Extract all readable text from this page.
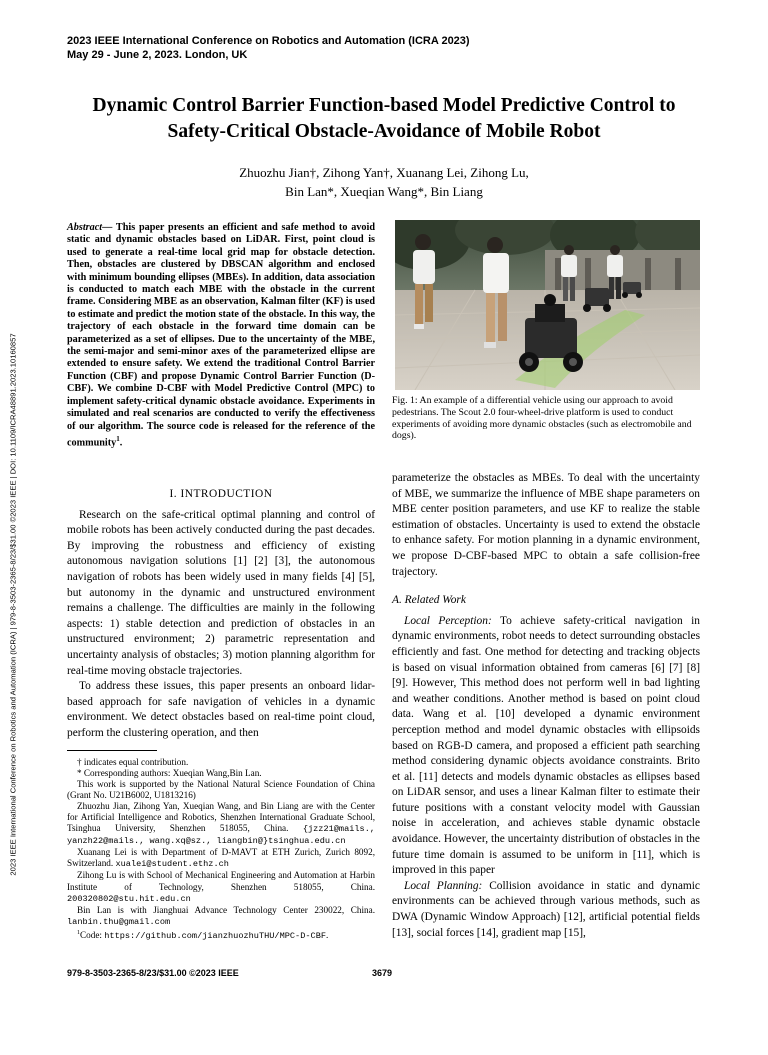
2023 IEEE International Conference on Robotics and Automation (ICRA 2023)
May 29 - June 2, 2023. London, UK
Dynamic Control Barrier Function-based Model Predictive Control to
Safety-Critical Obstacle-Avoidance of Mobile Robot
Zhuozhu Jian†, Zihong Yan†, Xuanang Lei, Zihong Lu,
Bin Lan*, Xueqian Wang*, Bin Liang
2023 IEEE International Conference on Robotics and Automation (ICRA) | 979-8-3503-2365-8/23/$31.00 ©2023 IEEE | DOI: 10.1109/ICRA48891.2023.10160857
Abstract— This paper presents an efficient and safe method to avoid static and dynamic obstacles based on LiDAR. First, point cloud is used to generate a real-time local grid map for obstacle detection. Then, obstacles are clustered by DBSCAN algorithm and enclosed with minimum bounding ellipses (MBEs). In addition, data association is conducted to match each MBE with the obstacle in the current frame. Considering MBE as an observation, Kalman filter (KF) is used to estimate and predict the motion state of the obstacle. In this way, the trajectory of each obstacle in the forward time domain can be parameterized as a set of ellipses. Due to the uncertainty of the MBE, the semi-major and semi-minor axes of the parameterized ellipse are extended to ensure safety. We extend the traditional Control Barrier Function (CBF) and propose Dynamic Control Barrier Function (D-CBF). We combine D-CBF with Model Predictive Control (MPC) to implement safety-critical dynamic obstacle avoidance. Experiments in simulated and real scenarios are conducted to verify the effectiveness of our algorithm. The source code is released for the reference of the community$^1$.
I. INTRODUCTION

Research on the safe-critical optimal planning and control of mobile robots has been actively conducted during the past decades. By improving the robustness and efficiency of existing autonomous navigation solutions [1] [2] [3], the autonomous navigation of robots has been widely used in many fields [4] [5], but autonomy in the dynamic and unstructured environment remains a challenge. The difficulties are mainly in the following aspects: 1) stable detection and prediction of obstacles in an unstructured environment; 2) parametric representation and uncertainty analysis of obstacles; 3) motion planning algorithm for real-time moving obstacle trajectories.

To address these issues, this paper presents an onboard lidar-based approach for safe navigation of vehicles in a dynamic environment. We detect obstacles based on real-time point cloud, perform the clustering operation, and then

† indicates equal contribution.
* Corresponding authors: Xueqian Wang,Bin Lan.
This work is supported by the National Natural Science Foundation of China (Grant No. U21B6002, U1813216)
Zhuozhu Jian, Zihong Yan, Xueqian Wang, and Bin Liang are with the Center for Artificial Intelligence and Robotics, Shenzhen International Graduate School, Tsinghua University, Shenzhen 518055, China. {jzz21@mails., yanzh22@mails., wang.xq@sz., liangbin@}tsinghua.edu.cn
Xuanang Lei is with Department of D-MAVT at ETH Zurich, Zurich 8092, Switzerland. xualei@student.ethz.ch
Zihong Lu is with School of Mechanical Engineering and Automation at Harbin Institute of Technology, Shenzhen 518055, China. 200320802@stu.hit.edu.cn
Bin Lan is with Jianghuai Advance Technology Center 230022, China. lanbin.thu@gmail.com
$^1$Code: https://github.com/jianzhuozhuTHU/MPC-D-CBF.
Fig. 1: An example of a differential vehicle using our approach to avoid pedestrians. The Scout 2.0 four-wheel-drive platform is used to conduct experiments of avoiding more dynamic obstacles (such as electromobile and dogs).

parameterize the obstacles as MBEs. To deal with the uncertainty of MBE, we summarize the influence of MBE shape parameters on MBE center position parameters, and use KF to realize the stable estimation of obstacles. Uncertainty is used to extend the obstacle to enhance safety. For motion planning in a dynamic environment, we propose D-CBF-based MPC to obtain a safe collision-free trajectory.

A. Related Work

Local Perception: To achieve safety-critical navigation in dynamic environments, robot needs to detect surrounding obstacles efficiently and fast. One method for detecting and tracking objects is based on visual information obtained from cameras [6] [7] [8] [9]. However, This method does not perform well in bad lighting and weather conditions. Another method is based on point cloud data. Wang et al. [10] developed a dynamic environment perception method and model dynamic obstacles with ellipsoids based on RGB-D camera, and proposed a efficient path searching method considering dynamic objects avoidance constraints. Brito et al. [11] detects and models dynamic obstacles as ellipses based on LiDAR sensor, and uses a linear Kalman filter to estimate their future positions with a constant velocity model with Gaussian noise in acceleration, and achieves stable dynamic obstacle avoidance. However, the uncertainty distribution of obstacles in the future time domain is assumed to be uniform in [11], which is improved in this paper

Local Planning: Collision avoidance in static and dynamic environments can be achieved through various methods, such as DWA (Dynamic Window Approach) [12], artificial potential fields [13], social forces [14], gradient map [15],

979-8-3503-2365-8/23/$31.00 ©2023 IEEE	3679
